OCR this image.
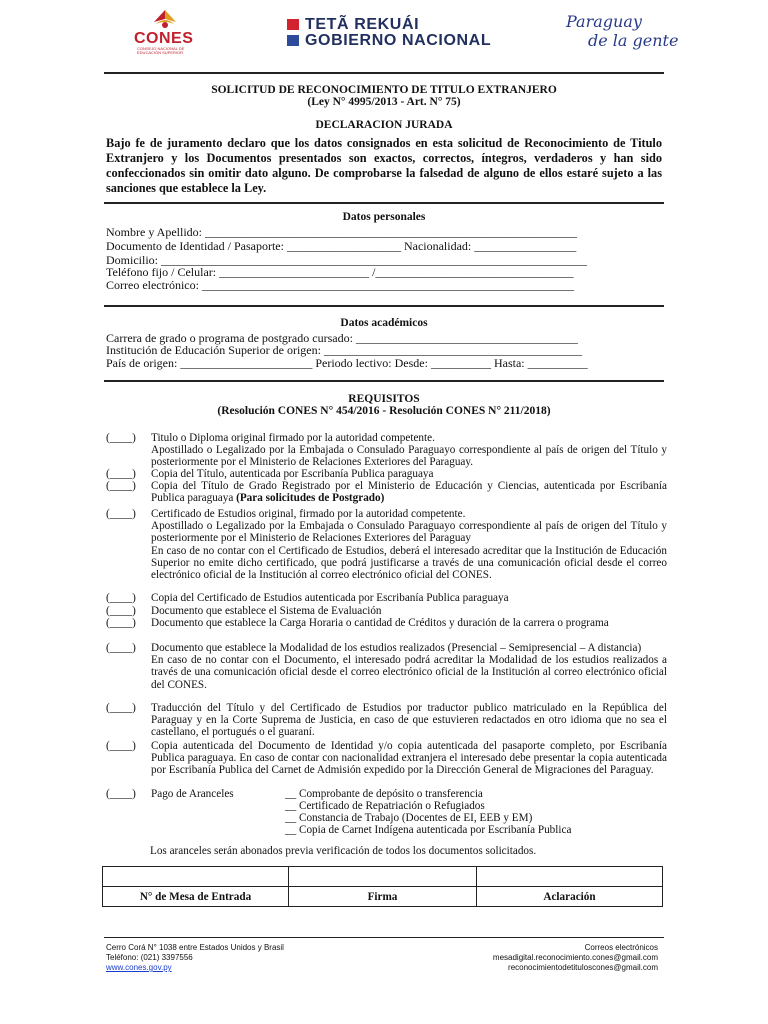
CONES
CONSEJO NACIONAL DE EDUCACIÓN SUPERIOR
TETÃ REKUÁI
GOBIERNO NACIONAL
Paraguay
de la gente
SOLICITUD DE RECONOCIMIENTO DE TITULO EXTRANJERO
(Ley N° 4995/2013 - Art. N° 75)
DECLARACION JURADA
Bajo fe de juramento declaro que los datos consignados en esta solicitud de Reconocimiento de Titulo Extranjero y los Documentos presentados son exactos, correctos, íntegros, verdaderos y han sido confeccionados sin omitir dato alguno. De comprobarse la falsedad de alguno de ellos estaré sujeto a las sanciones que establece la Ley.
Datos personales
Nombre y Apellido: ______________________________________________________________
Documento de Identidad / Pasaporte: ___________________ Nacionalidad: _________________
Domicilio: _______________________________________________________________________
Teléfono fijo / Celular: _________________________ /_________________________________
Correo electrónico: ______________________________________________________________
Datos académicos
Carrera de grado o programa de postgrado cursado: _____________________________________
Institución de Educación Superior de origen: ___________________________________________
País de origen: ______________________ Periodo lectivo: Desde: __________ Hasta: __________
REQUISITOS
(Resolución CONES N° 454/2016 - Resolución CONES N° 211/2018)
(____) Titulo o Diploma original firmado por la autoridad competente.
Apostillado o Legalizado por la Embajada o Consulado Paraguayo correspondiente al país de origen del Título y posteriormente por el Ministerio de Relaciones Exteriores del Paraguay.
(____) Copia del Título, autenticada por Escribanía Publica paraguaya
(____) Copia del Título de Grado Registrado por el Ministerio de Educación y Ciencias, autenticada por Escribanía Publica paraguaya (Para solicitudes de Postgrado)
(____) Certificado de Estudios original, firmado por la autoridad competente.
Apostillado o Legalizado por la Embajada o Consulado Paraguayo correspondiente al país de origen del Título y posteriormente por el Ministerio de Relaciones Exteriores del Paraguay
En caso de no contar con el Certificado de Estudios, deberá el interesado acreditar que la Institución de Educación Superior no emite dicho certificado, que podrá justificarse a través de una comunicación oficial desde el correo electrónico oficial de la Institución al correo electrónico oficial del CONES.
(____) Copia del Certificado de Estudios autenticada por Escribanía Publica paraguaya
(____) Documento que establece el Sistema de Evaluación
(____) Documento que establece la Carga Horaria o cantidad de Créditos y duración de la carrera o programa
(____) Documento que establece la Modalidad de los estudios realizados (Presencial – Semipresencial – A distancia)
En caso de no contar con el Documento, el interesado podrá acreditar la Modalidad de los estudios realizados a través de una comunicación oficial desde el correo electrónico oficial de la Institución al correo electrónico oficial del CONES.
(____) Traducción del Título y del Certificado de Estudios por traductor publico matriculado en la República del Paraguay y en la Corte Suprema de Justicia, en caso de que estuvieren redactados en otro idioma que no sea el castellano, el portugués o el guaraní.
(____) Copia autenticada del Documento de Identidad y/o copia autenticada del pasaporte completo, por Escribanía Publica paraguaya. En caso de contar con nacionalidad extranjera el interesado debe presentar la copia autenticada por Escribanía Publica del Carnet de Admisión expedido por la Dirección General de Migraciones del Paraguay.
(____) Pago de Aranceles	__ Comprobante de depósito o transferencia
__ Certificado de Repatriación o Refugiados
__ Constancia de Trabajo (Docentes de EI, EEB y EM)
__ Copia de Carnet Indígena autenticada por Escribanía Publica
Los aranceles serán abonados previa verificación de todos los documentos solicitados.

N° de Mesa de Entrada	Firma	Aclaración
Cerro Corá N° 1038 entre Estados Unidos y Brasil
Teléfono: (021) 3397556
www.cones.gov.py
Correos electrónicos
mesadigital.reconocimiento.cones@gmail.com
reconocimientodetituloscones@gmail.com
